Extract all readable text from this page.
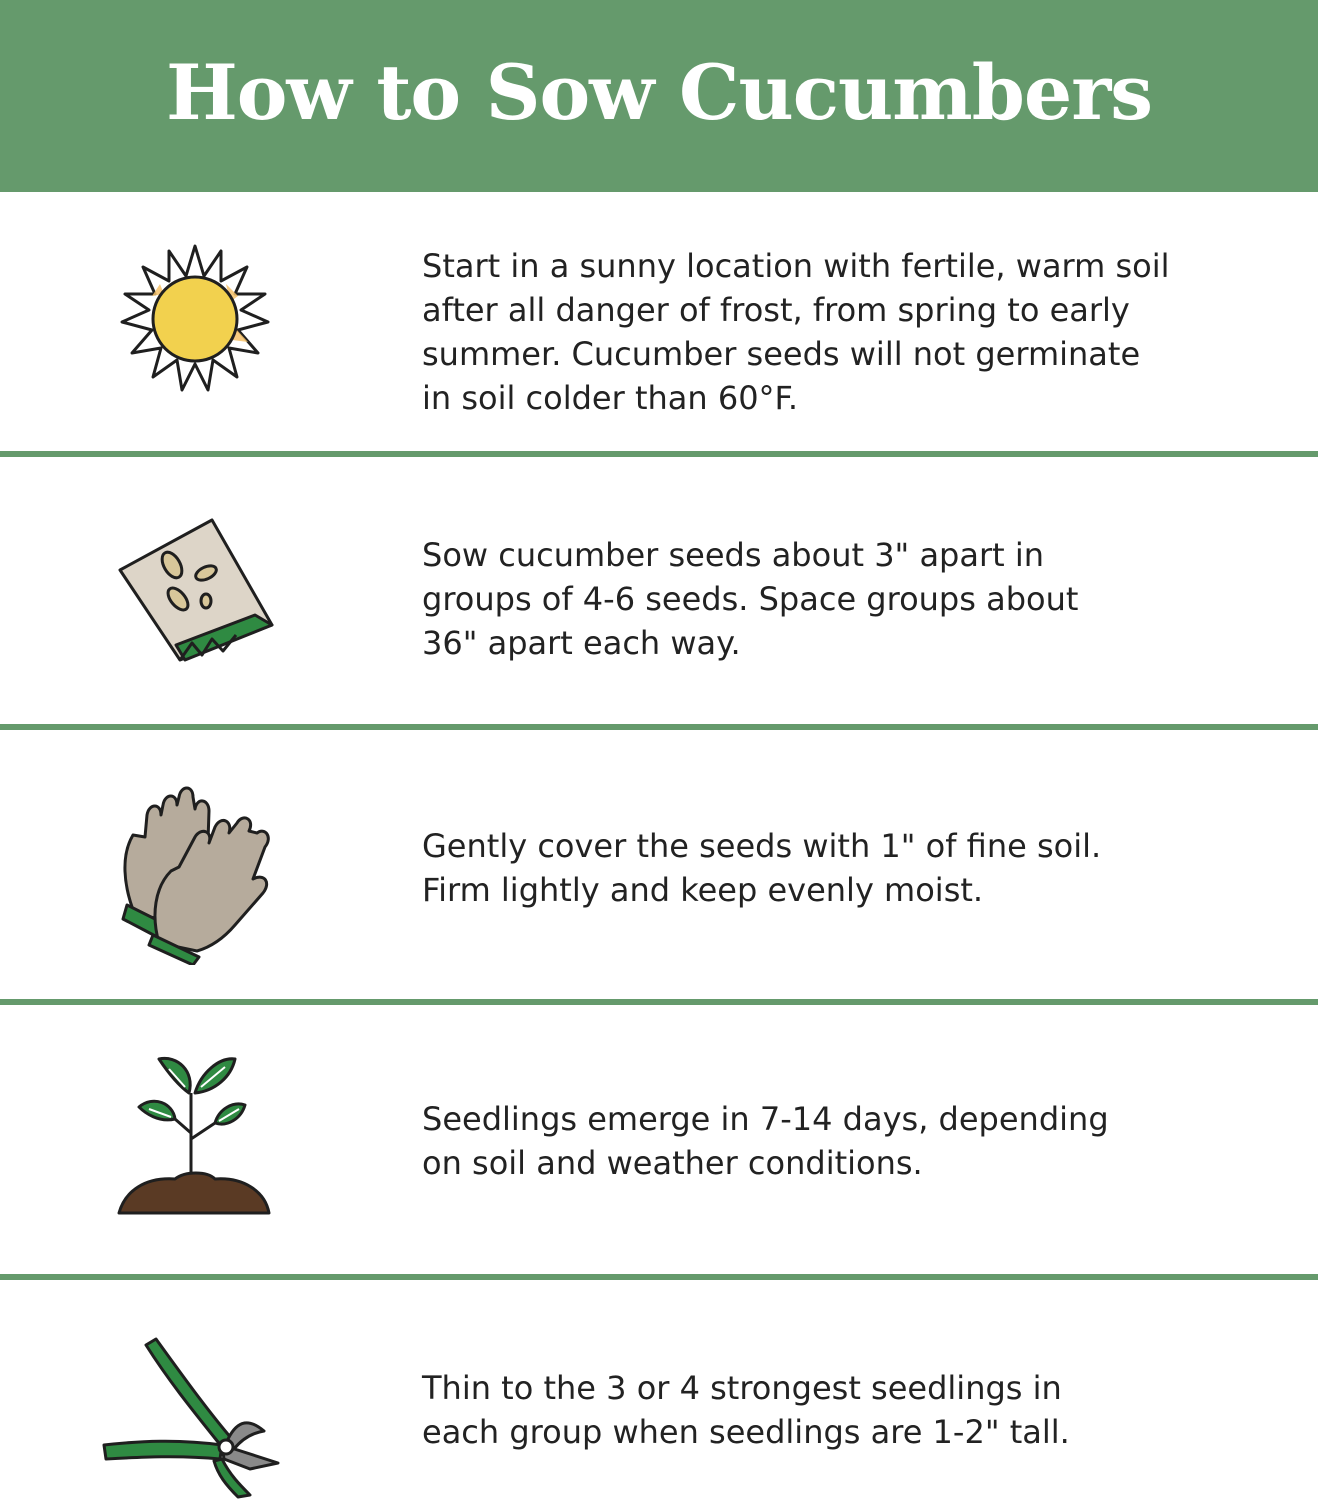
How to Sow Cucumbers

Start in a sunny location with fertile, warm soil
after all danger of frost, from spring to early
summer. Cucumber seeds will not germinate
in soil colder than 60°F.

Sow cucumber seeds about 3" apart in
groups of 4-6 seeds. Space groups about
36" apart each way.

Gently cover the seeds with 1" of fine soil.
Firm lightly and keep evenly moist.

Seedlings emerge in 7-14 days, depending
on soil and weather conditions.

Thin to the 3 or 4 strongest seedlings in
each group when seedlings are 1-2" tall.
